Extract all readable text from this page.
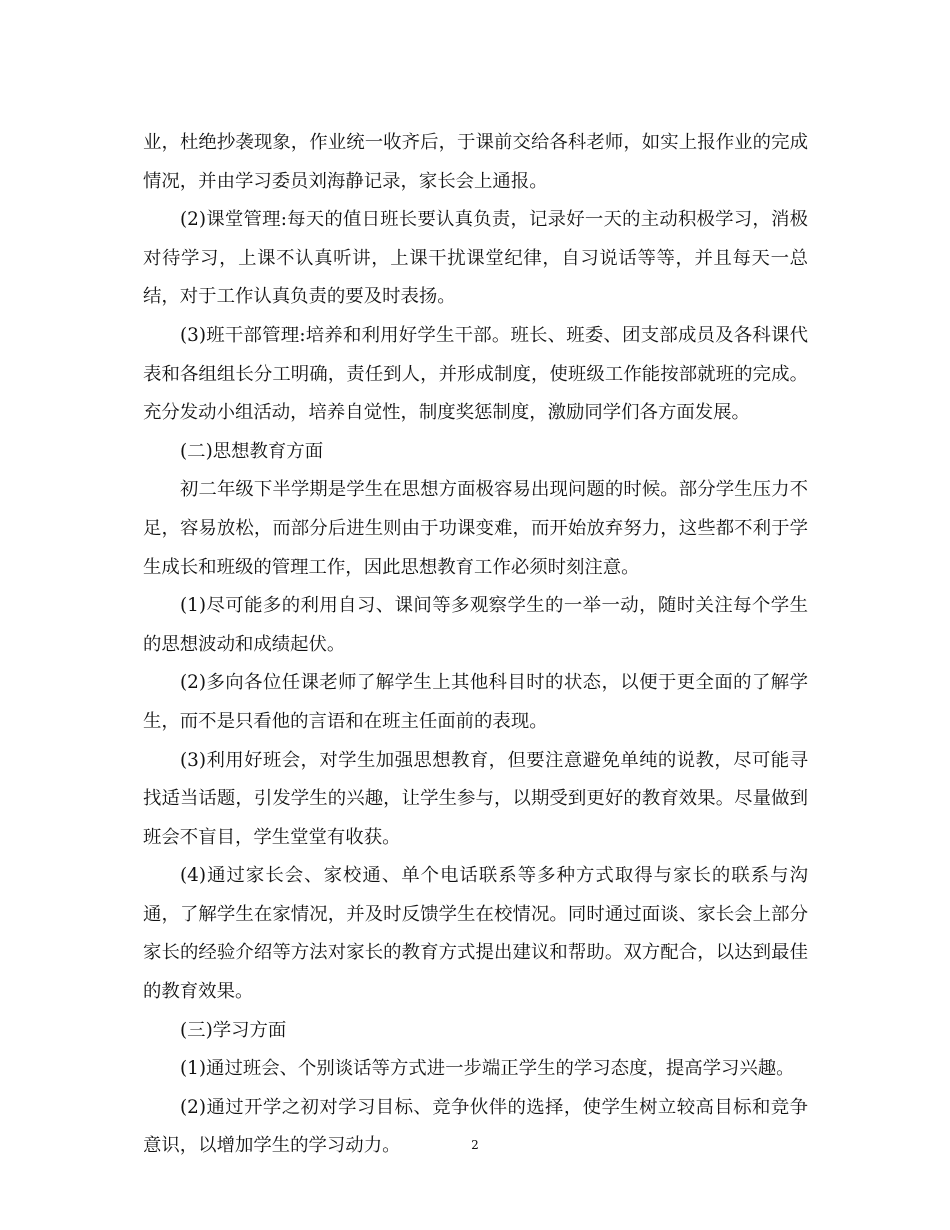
业，杜绝抄袭现象，作业统一收齐后，于课前交给各科老师，如实上报作业的完成情况，并由学习委员刘海静记录，家长会上通报。

(2)课堂管理:每天的值日班长要认真负责，记录好一天的主动积极学习，消极对待学习，上课不认真听讲，上课干扰课堂纪律，自习说话等等，并且每天一总结，对于工作认真负责的要及时表扬。

(3)班干部管理:培养和利用好学生干部。班长、班委、团支部成员及各科课代表和各组组长分工明确，责任到人，并形成制度，使班级工作能按部就班的完成。充分发动小组活动，培养自觉性，制度奖惩制度，激励同学们各方面发展。

(二)思想教育方面

初二年级下半学期是学生在思想方面极容易出现问题的时候。部分学生压力不足，容易放松，而部分后进生则由于功课变难，而开始放弃努力，这些都不利于学生成长和班级的管理工作，因此思想教育工作必须时刻注意。

(1)尽可能多的利用自习、课间等多观察学生的一举一动，随时关注每个学生的思想波动和成绩起伏。

(2)多向各位任课老师了解学生上其他科目时的状态，以便于更全面的了解学生，而不是只看他的言语和在班主任面前的表现。

(3)利用好班会，对学生加强思想教育，但要注意避免单纯的说教，尽可能寻找适当话题，引发学生的兴趣，让学生参与，以期受到更好的教育效果。尽量做到班会不盲目，学生堂堂有收获。

(4)通过家长会、家校通、单个电话联系等多种方式取得与家长的联系与沟通，了解学生在家情况，并及时反馈学生在校情况。同时通过面谈、家长会上部分家长的经验介绍等方法对家长的教育方式提出建议和帮助。双方配合，以达到最佳的教育效果。

(三)学习方面

(1)通过班会、个别谈话等方式进一步端正学生的学习态度，提高学习兴趣。

(2)通过开学之初对学习目标、竞争伙伴的选择，使学生树立较高目标和竞争意识，以增加学生的学习动力。	2
